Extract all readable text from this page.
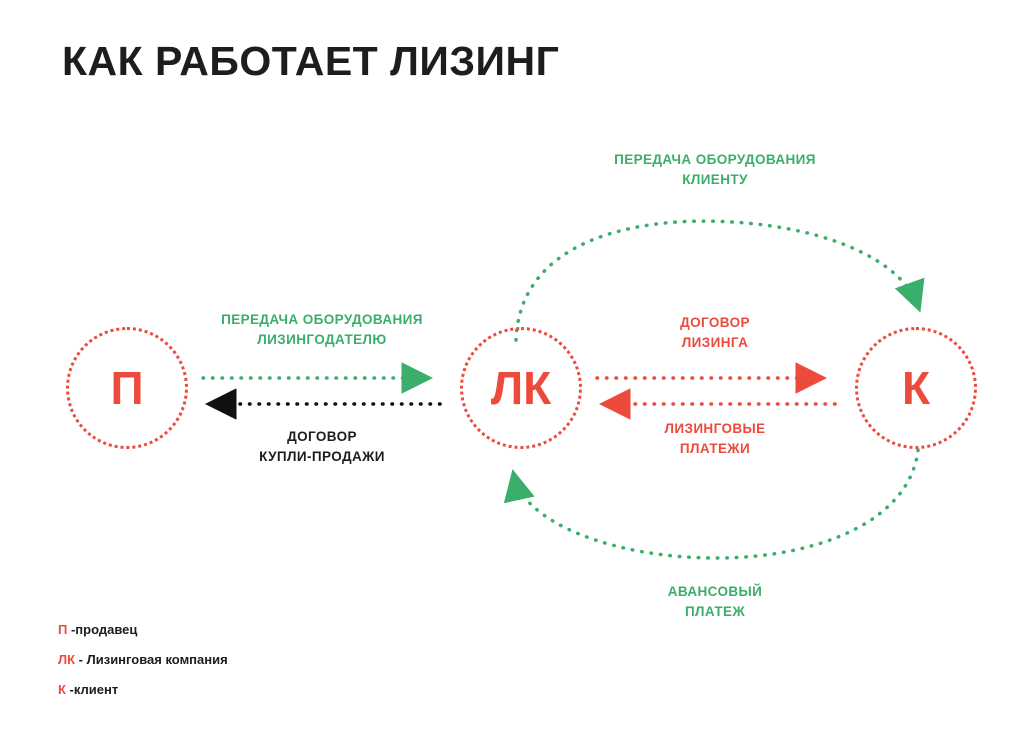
КАК РАБОТАЕТ ЛИЗИНГ
П	ЛК	К
ПЕРЕДАЧА ОБОРУДОВАНИЯ
ЛИЗИНГОДАТЕЛЮ
ДОГОВОР
КУПЛИ-ПРОДАЖИ
ДОГОВОР
ЛИЗИНГА
ЛИЗИНГОВЫЕ
ПЛАТЕЖИ
ПЕРЕДАЧА ОБОРУДОВАНИЯ
КЛИЕНТУ
АВАНСОВЫЙ
ПЛАТЕЖ
П -продавец
ЛК - Лизинговая компания
К -клиент
